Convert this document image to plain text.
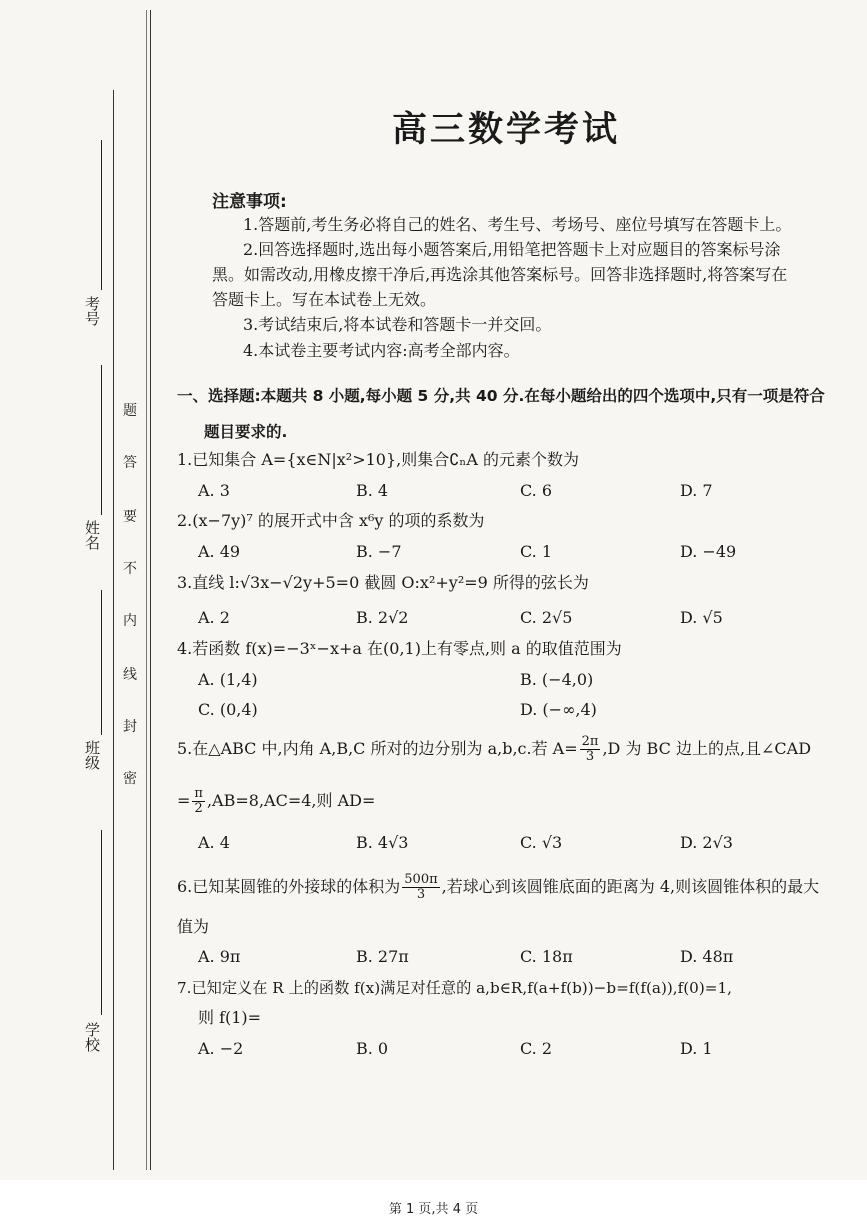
考号
姓名
班级
学校
题
答
要
不
内
线
封
密
高三数学考试
注意事项:
1.答题前,考生务必将自己的姓名、考生号、考场号、座位号填写在答题卡上。
2.回答选择题时,选出每小题答案后,用铅笔把答题卡上对应题目的答案标号涂
黑。如需改动,用橡皮擦干净后,再选涂其他答案标号。回答非选择题时,将答案写在
答题卡上。写在本试卷上无效。
3.考试结束后,将本试卷和答题卡一并交回。
4.本试卷主要考试内容:高考全部内容。
一、选择题:本题共 8 小题,每小题 5 分,共 40 分.在每小题给出的四个选项中,只有一项是符合
题目要求的.
1.已知集合 A={x∈N|x²>10},则集合∁ₙA 的元素个数为
A. 3	B. 4	C. 6	D. 7
2.(x−7y)⁷ 的展开式中含 x⁶y 的项的系数为
A. 49	B. −7	C. 1	D. −49
3.直线 l:√3x−√2y+5=0 截圆 O:x²+y²=9 所得的弦长为
A. 2	B. 2√2	C. 2√5	D. √5
4.若函数 f(x)=−3ˣ−x+a 在(0,1)上有零点,则 a 的取值范围为
A. (1,4)	B. (−4,0)
C. (0,4)	D. (−∞,4)
5.在△ABC 中,内角 A,B,C 所对的边分别为 a,b,c.若 $A= \frac{2\pi}{3} ,D$ 为 BC 边上的点,且∠CAD
= $\frac{\pi}{2} ,AB=8,AC=4$,则 AD=
A. 4	B. 4√3	C. √3	D. 2√3
6.已知某圆锥的外接球的体积为 $\frac{500\pi}{3}$ ,若球心到该圆锥底面的距离为 4,则该圆锥体积的最大
值为
A. 9π	B. 27π	C. 18π	D. 48π
7.已知定义在 R 上的函数 f(x)满足对任意的 a,b∈R,f(a+f(b))−b=f(f(a)),f(0)=1,
则 f(1)=
A. −2	B. 0	C. 2	D. 1
第 1 页,共 4 页
